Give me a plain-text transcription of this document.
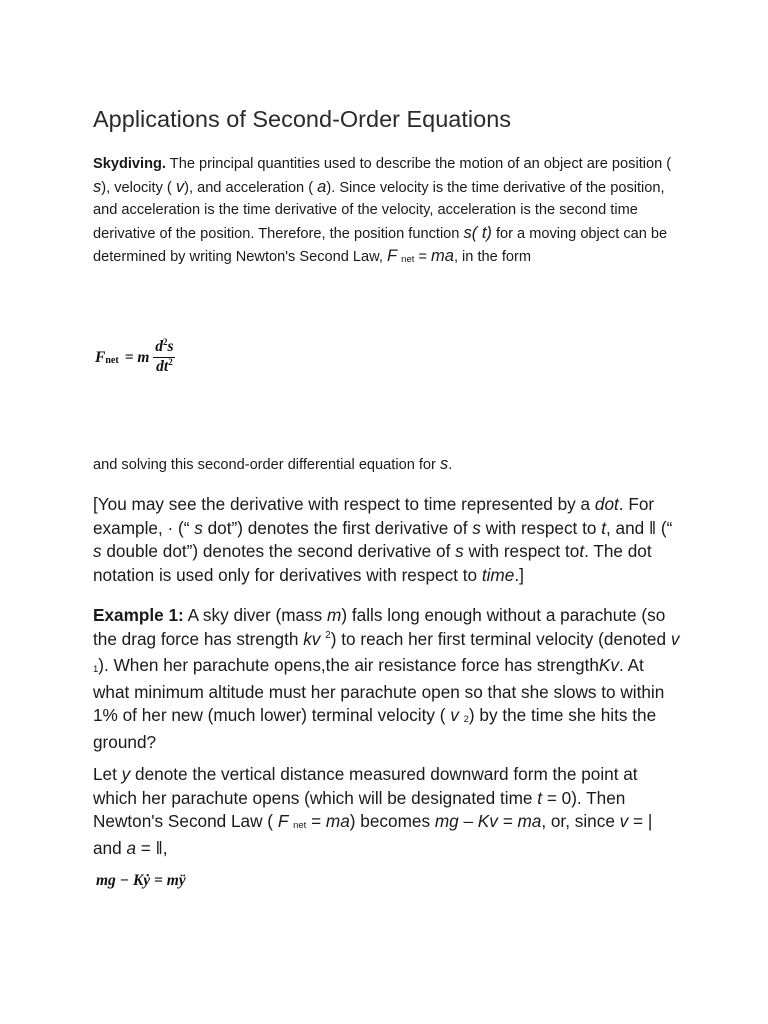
Applications of Second-Order Equations

Skydiving. The principal quantities used to describe the motion of an object are position ( s), velocity ( v), and acceleration ( a). Since velocity is the time derivative of the position, and acceleration is the time derivative of the velocity, acceleration is the second time derivative of the position. Therefore, the position function s( t) for a moving object can be determined by writing Newton's Second Law, F net = ma, in the form

F net = m $\frac{d^2s}{dt^2}$
and solving this second-order differential equation for s.

[You may see the derivative with respect to time represented by a dot. For example, · (“ s dot”) denotes the first derivative of s with respect to t, and ‖ (“ s double dot”) denotes the second derivative of s with respect tot. The dot notation is used only for derivatives with respect to time.]

Example 1: A sky diver (mass m) falls long enough without a parachute (so the drag force has strength kv $^2$) to reach her first terminal velocity (denoted v 1). When her parachute opens,the air resistance force has strengthKv. At what minimum altitude must her parachute open so that she slows to within 1% of her new (much lower) terminal velocity ( v 2) by the time she hits the ground?

Let y denote the vertical distance measured downward form the point at which her parachute opens (which will be designated time t = 0). Then Newton's Second Law ( F net = ma) becomes mg – Kv = ma, or, since v = | and a = ‖,

mg − Kẏ = mÿ
